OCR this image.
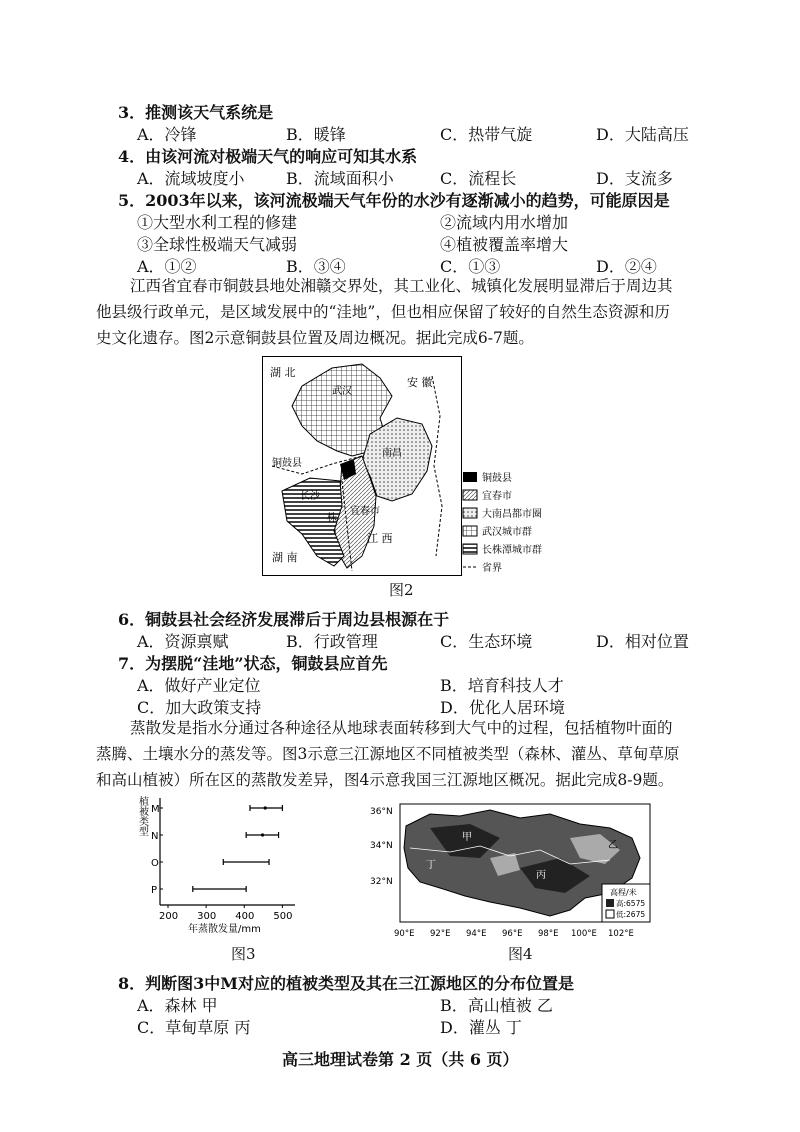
3．推测该天气系统是
A．冷锋	B．暖锋	C．热带气旋	D．大陆高压
4．由该河流对极端天气的响应可知其水系
A．流域坡度小	B．流域面积小	C．流程长	D．支流多
5．2003年以来，该河流极端天气年份的水沙有逐渐减小的趋势，可能原因是
①大型水利工程的修建	②流域内用水增加
③全球性极端天气减弱	④植被覆盖率增大
A．①②	B．③④	C．①③	D．②④
江西省宜春市铜鼓县地处湘赣交界处，其工业化、城镇化发展明显滞后于周边其
他县级行政单元，是区域发展中的“洼地”，但也相应保留了较好的自然生态资源和历
史文化遗存。图2示意铜鼓县位置及周边概况。据此完成6-7题。
湖 北
安 徽
武汉
南昌
铜鼓县
长沙
株
宜春市
湖 南
江 西
铜鼓县
宜春市
大南昌都市圈
武汉城市群
长株潭城市群
省界
图2
6．铜鼓县社会经济发展滞后于周边县根源在于
A．资源禀赋	B．行政管理	C．生态环境	D．相对位置
7．为摆脱“洼地”状态，铜鼓县应首先
A．做好产业定位	B．培育科技人才
C．加大政策支持	D．优化人居环境
蒸散发是指水分通过各种途径从地球表面转移到大气中的过程，包括植物叶面的
蒸腾、土壤水分的蒸发等。图3示意三江源地区不同植被类型（森林、灌丛、草甸草原
和高山植被）所在区的蒸散发差异，图4示意我国三江源地区概况。据此完成8-9题。
植被类型
年蒸散发量/mm
200 300 400 500
M
N
O
P
图3
36°N
34°N
32°N
90°E 92°E 94°E 96°E 98°E 100°E 102°E
甲
乙
丙
丁
高程/米
高:6575
低:2675
图4
8．判断图3中M对应的植被类型及其在三江源地区的分布位置是
A．森林 甲	B．高山植被 乙
C．草甸草原 丙	D．灌丛 丁
高三地理试卷第 2 页（共 6 页）
